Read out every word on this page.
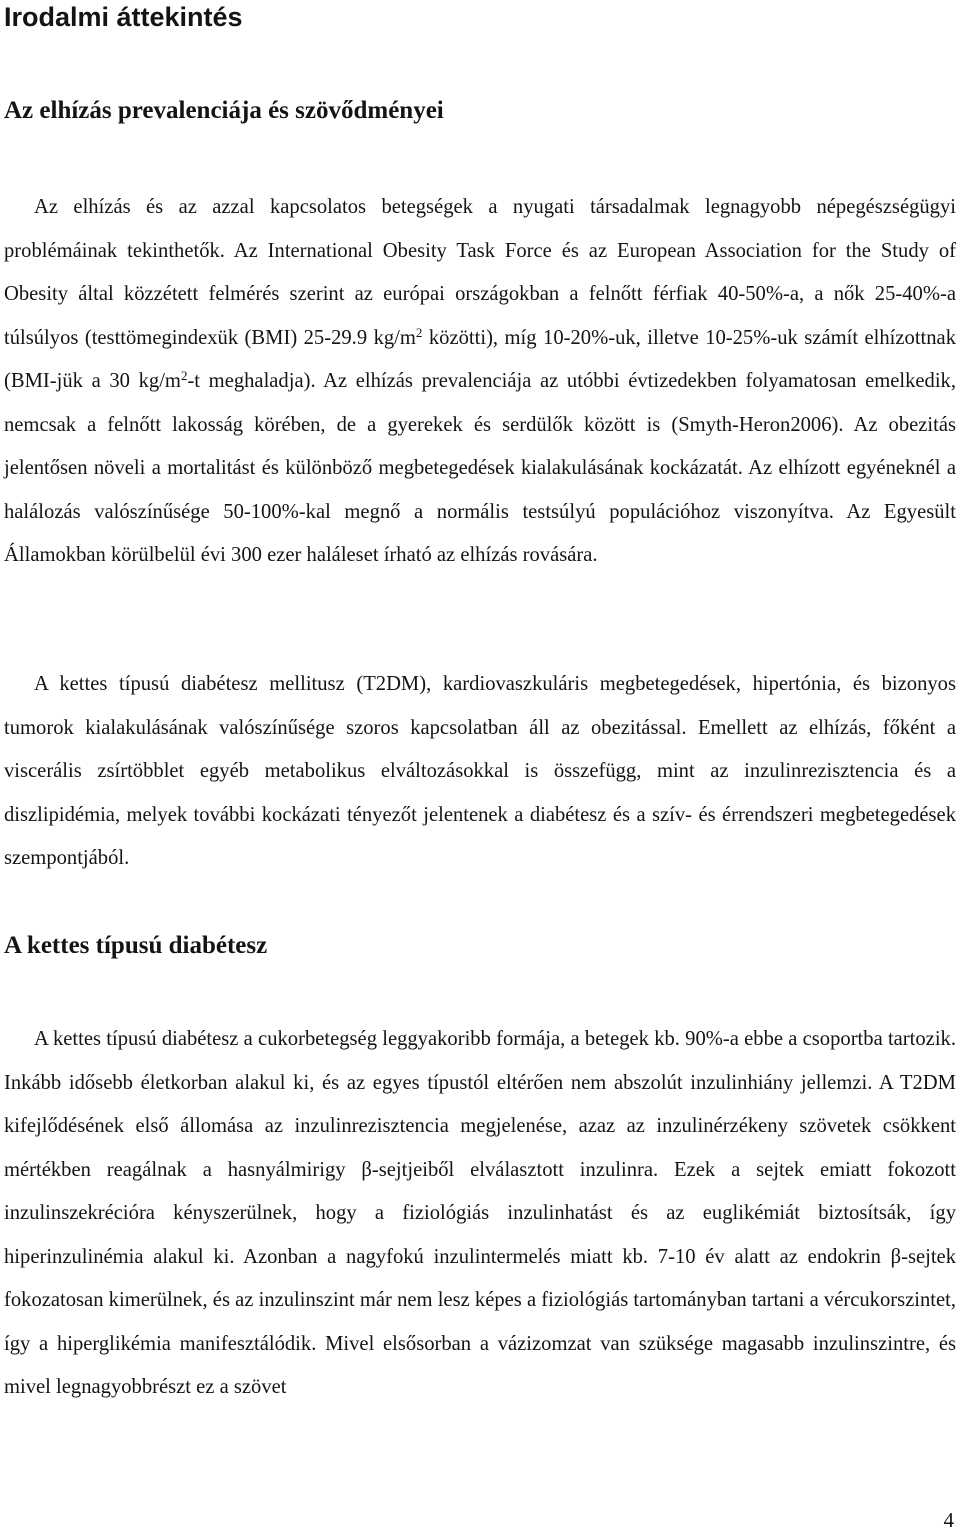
Irodalmi áttekintés
Az elhízás prevalenciája és szövődményei

Az elhízás és az azzal kapcsolatos betegségek a nyugati társadalmak legnagyobb népegészségügyi problémáinak tekinthetők. Az International Obesity Task Force és az European Association for the Study of Obesity által közzétett felmérés szerint az európai országokban a felnőtt férfiak 40-50%-a, a nők 25-40%-a túlsúlyos (testtömegindexük (BMI) 25-29.9 $kg/m^2$ közötti), míg 10-20%-uk, illetve 10-25%-uk számít elhízottnak (BMI-jük a 30 $kg/m^2-t$ meghaladja). Az elhízás prevalenciája az utóbbi évtizedekben folyamatosan emelkedik, nemcsak a felnőtt lakosság körében, de a gyerekek és serdülők között is (Smyth-Heron2006). Az obezitás jelentősen növeli a mortalitást és különböző megbetegedések kialakulásának kockázatát. Az elhízott egyéneknél a halálozás valószínűsége 50-100%-kal megnő a normális testsúlyú populációhoz viszonyítva. Az Egyesült Államokban körülbelül évi 300 ezer haláleset írható az elhízás rovására.

A kettes típusú diabétesz mellitusz (T2DM), kardiovaszkuláris megbetegedések, hipertónia, és bizonyos tumorok kialakulásának valószínűsége szoros kapcsolatban áll az obezitással. Emellett az elhízás, főként a viscerális zsírtöbblet egyéb metabolikus elváltozásokkal is összefügg, mint az inzulinrezisztencia és a diszlipidémia, melyek további kockázati tényezőt jelentenek a diabétesz és a szív- és érrendszeri megbetegedések szempontjából.

A kettes típusú diabétesz

A kettes típusú diabétesz a cukorbetegség leggyakoribb formája, a betegek kb. 90%-a ebbe a csoportba tartozik. Inkább idősebb életkorban alakul ki, és az egyes típustól eltérően nem abszolút inzulinhiány jellemzi. A T2DM kifejlődésének első állomása az inzulinrezisztencia megjelenése, azaz az inzulinérzékeny szövetek csökkent mértékben reagálnak a hasnyálmirigy β-sejtjeiből elválasztott inzulinra. Ezek a sejtek emiatt fokozott inzulinszekrécióra kényszerülnek, hogy a fiziológiás inzulinhatást és az euglikémiát biztosítsák, így hiperinzulinémia alakul ki. Azonban a nagyfokú inzulintermelés miatt kb. 7-10 év alatt az endokrin β-sejtek fokozatosan kimerülnek, és az inzulinszint már nem lesz képes a fiziológiás tartományban tartani a vércukorszintet, így a hiperglikémia manifesztálódik. Mivel elsősorban a vázizomzat van szüksége magasabb inzulinszintre, és mivel legnagyobbrészt ez a szövet

4
